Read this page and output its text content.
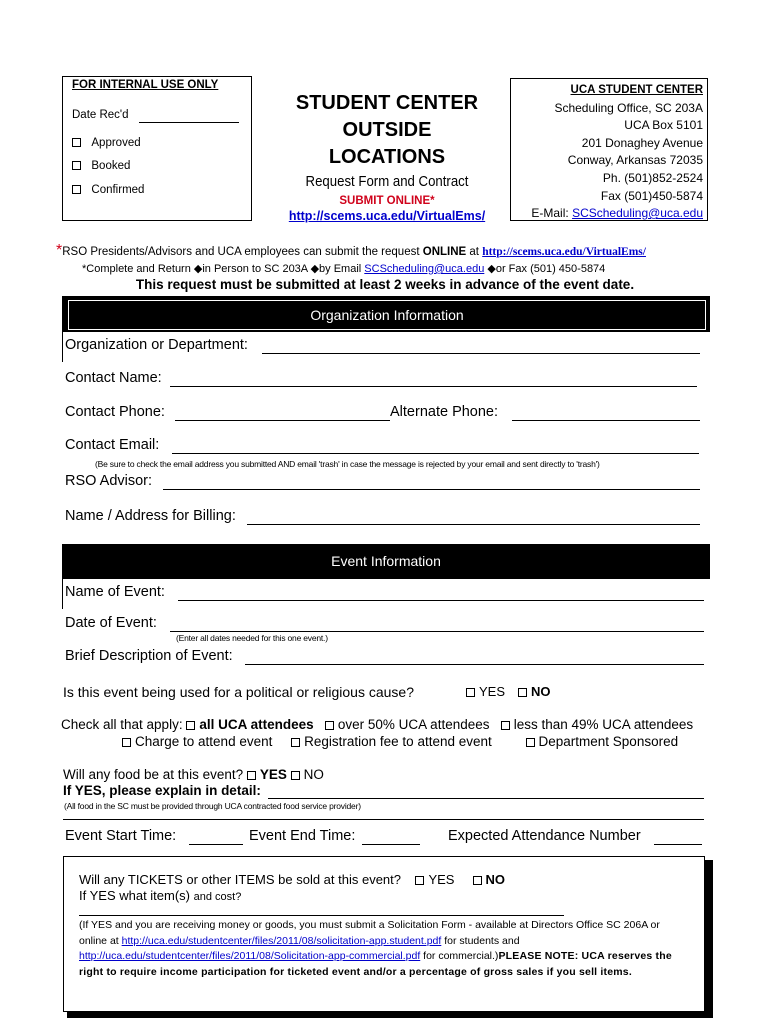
FOR INTERNAL USE ONLY
Date Rec'd
Approved
Booked
Confirmed
STUDENT CENTER
OUTSIDE
LOCATIONS
Request Form and Contract
SUBMIT ONLINE*
http://scems.uca.edu/VirtualEms/
UCA STUDENT CENTER
Scheduling Office, SC 203A
UCA Box 5101
201 Donaghey Avenue
Conway, Arkansas 72035
Ph. (501)852-2524
Fax (501)450-5874
E-Mail: SCScheduling@uca.edu
*RSO Presidents/Advisors and UCA employees can submit the request ONLINE at http://scems.uca.edu/VirtualEms/
*Complete and Return ◆in Person to SC 203A ◆by Email SCScheduling@uca.edu ◆or Fax (501) 450-5874
This request must be submitted at least 2 weeks in advance of the event date.
Organization Information
Organization or Department:
Contact Name:
Contact Phone:	Alternate Phone:
Contact Email:
(Be sure to check the email address you submitted AND email 'trash' in case the message is rejected by your email and sent directly to 'trash')
RSO Advisor:
Name / Address for Billing:
Event Information
Name of Event:
Date of Event:
(Enter all dates needed for this one event.)
Brief Description of Event:
Is this event being used for a political or religious cause?	YES	NO
Check all that apply: all UCA attendees over 50% UCA attendees less than 49% UCA attendees
Charge to attend event Registration fee to attend event	Department Sponsored
Will any food be at this event? YES NO
If YES, please explain in detail:
(All food in the SC must be provided through UCA contracted food service provider)
Event Start Time:	Event End Time:	Expected Attendance Number
Will any TICKETS or other ITEMS be sold at this event? YES NO
If YES what item(s) and cost?
(If YES and you are receiving money or goods, you must submit a Solicitation Form - available at Directors Office SC 206A or online at http://uca.edu/studentcenter/files/2011/08/solicitation-app.student.pdf for students and http://uca.edu/studentcenter/files/2011/08/Solicitation-app-commercial.pdf for commercial.)PLEASE NOTE: UCA reserves the right to require income participation for ticketed event and/or a percentage of gross sales if you sell items.
